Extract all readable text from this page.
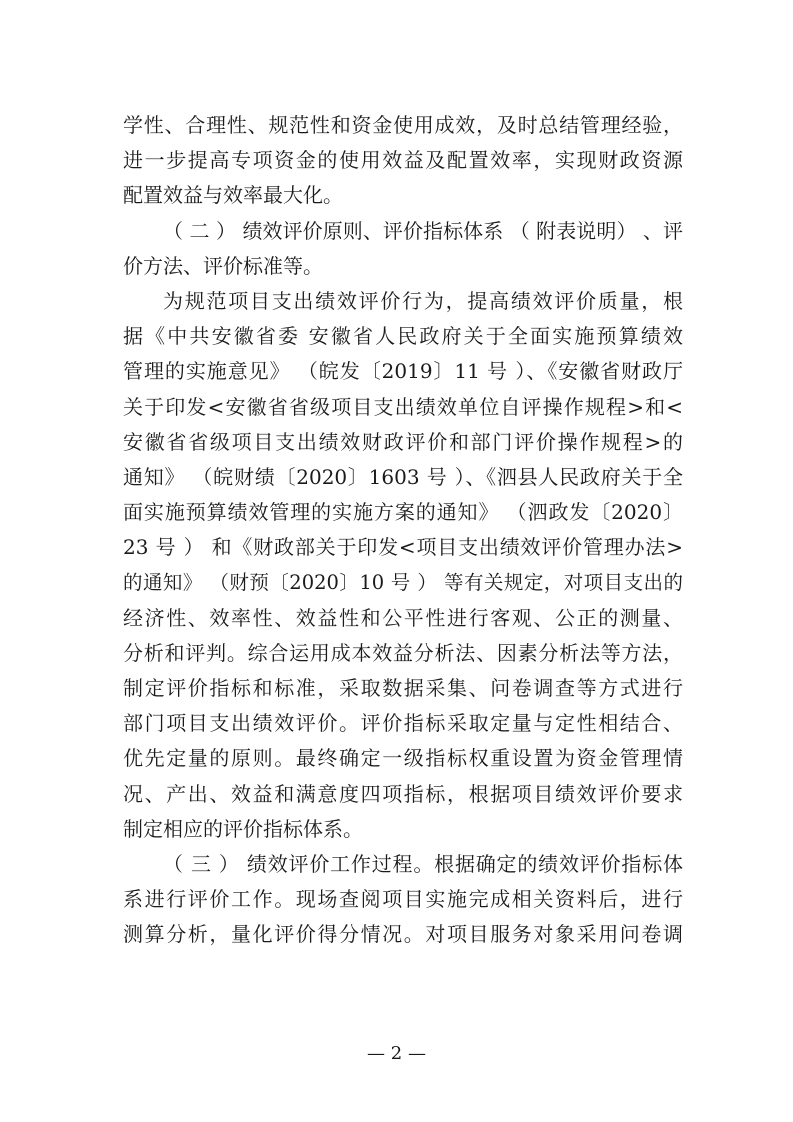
学性、合理性、规范性和资金使用成效，及时总结管理经验，
进一步提高专项资金的使用效益及配置效率，实现财政资源
配置效益与效率最大化。
（ 二 ） 绩效评价原则、评价指标体系 （ 附表说明） 、评
价方法、评价标准等。
为规范项目支出绩效评价行为，提高绩效评价质量，根
据《中共安徽省委 安徽省人民政府关于全面实施预算绩效
管理的实施意见》 （皖发〔2019〕11 号 ）、《安徽省财政厅
关于印发<安徽省省级项目支出绩效单位自评操作规程>和<
安徽省省级项目支出绩效财政评价和部门评价操作规程>的
通知》 （皖财绩〔2020〕1603 号 ）、《泗县人民政府关于全
面实施预算绩效管理的实施方案的通知》 （泗政发〔2020〕
23 号 ） 和《财政部关于印发<项目支出绩效评价管理办法>
的通知》 （财预〔2020〕10 号 ） 等有关规定，对项目支出的
经济性、效率性、效益性和公平性进行客观、公正的测量、
分析和评判。综合运用成本效益分析法、因素分析法等方法，
制定评价指标和标准，采取数据采集、问卷调查等方式进行
部门项目支出绩效评价。评价指标采取定量与定性相结合、
优先定量的原则。最终确定一级指标权重设置为资金管理情
况、产出、效益和满意度四项指标，根据项目绩效评价要求
制定相应的评价指标体系。
（ 三 ） 绩效评价工作过程。根据确定的绩效评价指标体
系进行评价工作。现场查阅项目实施完成相关资料后，进行
测算分析，量化评价得分情况。对项目服务对象采用问卷调
— 2 —
